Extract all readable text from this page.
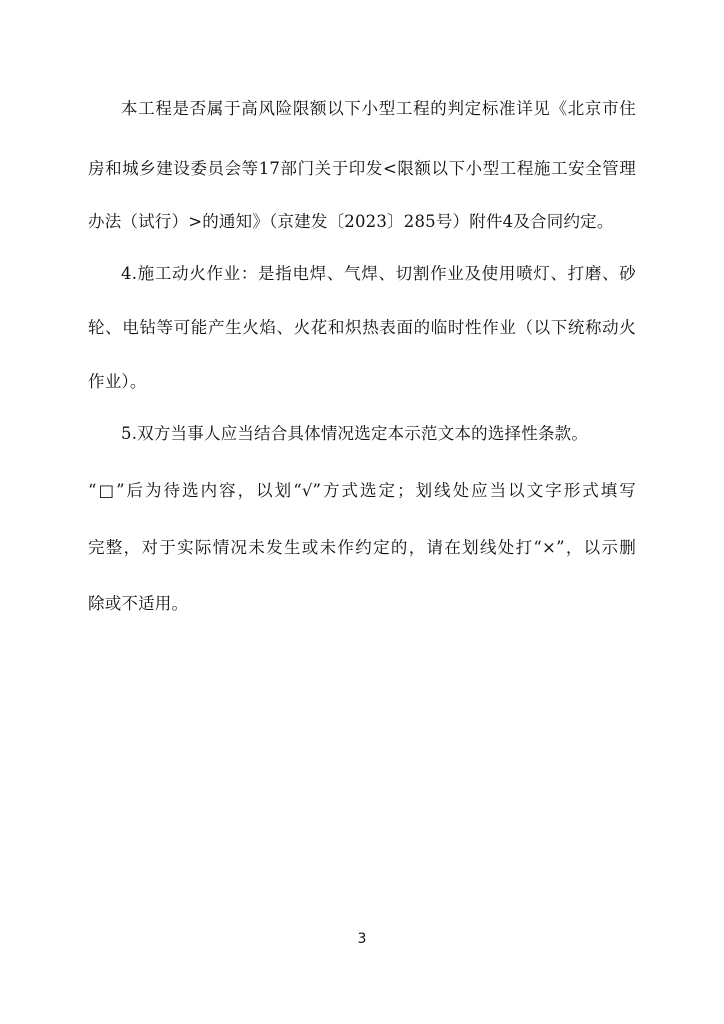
本工程是否属于高风险限额以下小型工程的判定标准详见《北京市住
房和城乡建设委员会等17部门关于印发<限额以下小型工程施工安全管理
办法（试行）>的通知》（京建发〔2023〕285号）附件4及合同约定。
4.施工动火作业：是指电焊、气焊、切割作业及使用喷灯、打磨、砂
轮、电钻等可能产生火焰、火花和炽热表面的临时性作业（以下统称动火
作业）。
5.双方当事人应当结合具体情况选定本示范文本的选择性条款。
“□”后为待选内容，以划“√”方式选定；划线处应当以文字形式填写
完整，对于实际情况未发生或未作约定的，请在划线处打“×”，以示删
除或不适用。
3
